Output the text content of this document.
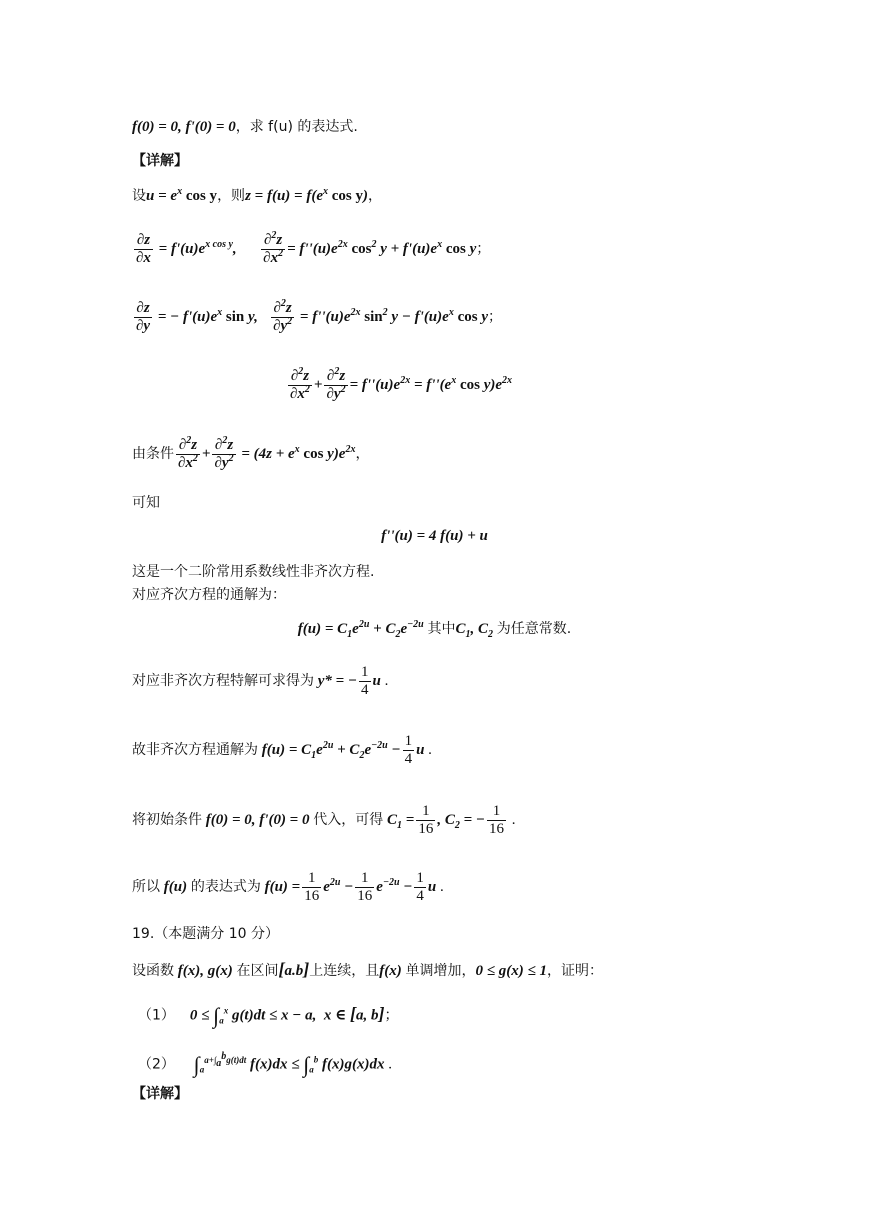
f(0) = 0, f'(0) = 0，求 f(u) 的表达式.
【详解】
设$u = e^x$ cos y，则$z = f(u) = f(e^x$ cos y)，
$\frac{\partial z}{\partial x} = f'(u)e^{x cos y}$, $\frac{\partial^2z}{\partial x^2} = f''(u)e^{2x}$ $\cos^2 y + f'(u)e^x$ cos y；
$\frac{\partial z}{\partial y}$ = − $f'(u)e^x$ sin y, $\frac{\partial^2z}{\partial y^2} = f''(u)e^{2x}$ $\sin^2 y - f'(u)e^x$ cos y；
$\frac{\partial^2z}{\partial x^2} + \frac{\partial^2z}{\partial y^2} = f''(u)e^{2x} = f''(e^x$ $\cos y)e^{2x}$
由条件 $\frac{\partial^2z}{\partial x^2} + \frac{\partial^2z}{\partial y^2} = (4z + e^x$ $\cos y)e^{2x}$，
可知
f''(u) = 4 f(u) + u
这是一个二阶常用系数线性非齐次方程.
对应齐次方程的通解为：
$f(u) = C_1e^{2u} + C_2e^{-2u}$ 其中$C_1$, $C_2$ 为任意常数.
对应非齐次方程特解可求得为 y* = − $\frac{1}{4}$ u .
故非齐次方程通解为 $f(u) = C_1e^{2u} + C_2e^{-2u} - \frac{1}{4}$ u .
将初始条件 f(0) = 0, f'(0) = 0 代入，可得 $C_1 = \frac{1}{16}$ , $C_2$ = − $\frac{1}{16}$ .
所以 f(u) 的表达式为 $f(u) = \frac{1}{16} e^{2u} - \frac{1}{16} e^{-2u} - \frac{1}{4}$ u .
19.（本题满分 10 分）
设函数 f(x), g(x) 在区间[a.b]上连续，且f(x) 单调增加，0 ≤ g(x) ≤ 1，证明：
（1） $0 \le \int_a^x$ g(t)dt ≤ x − a,  x ∈ [a, b]；
（2） $\int_a^{a+\int_a^bg(t)dt}$ $f(x)dx \le \int_a^b$ f(x)g(x)dx .
【详解】
